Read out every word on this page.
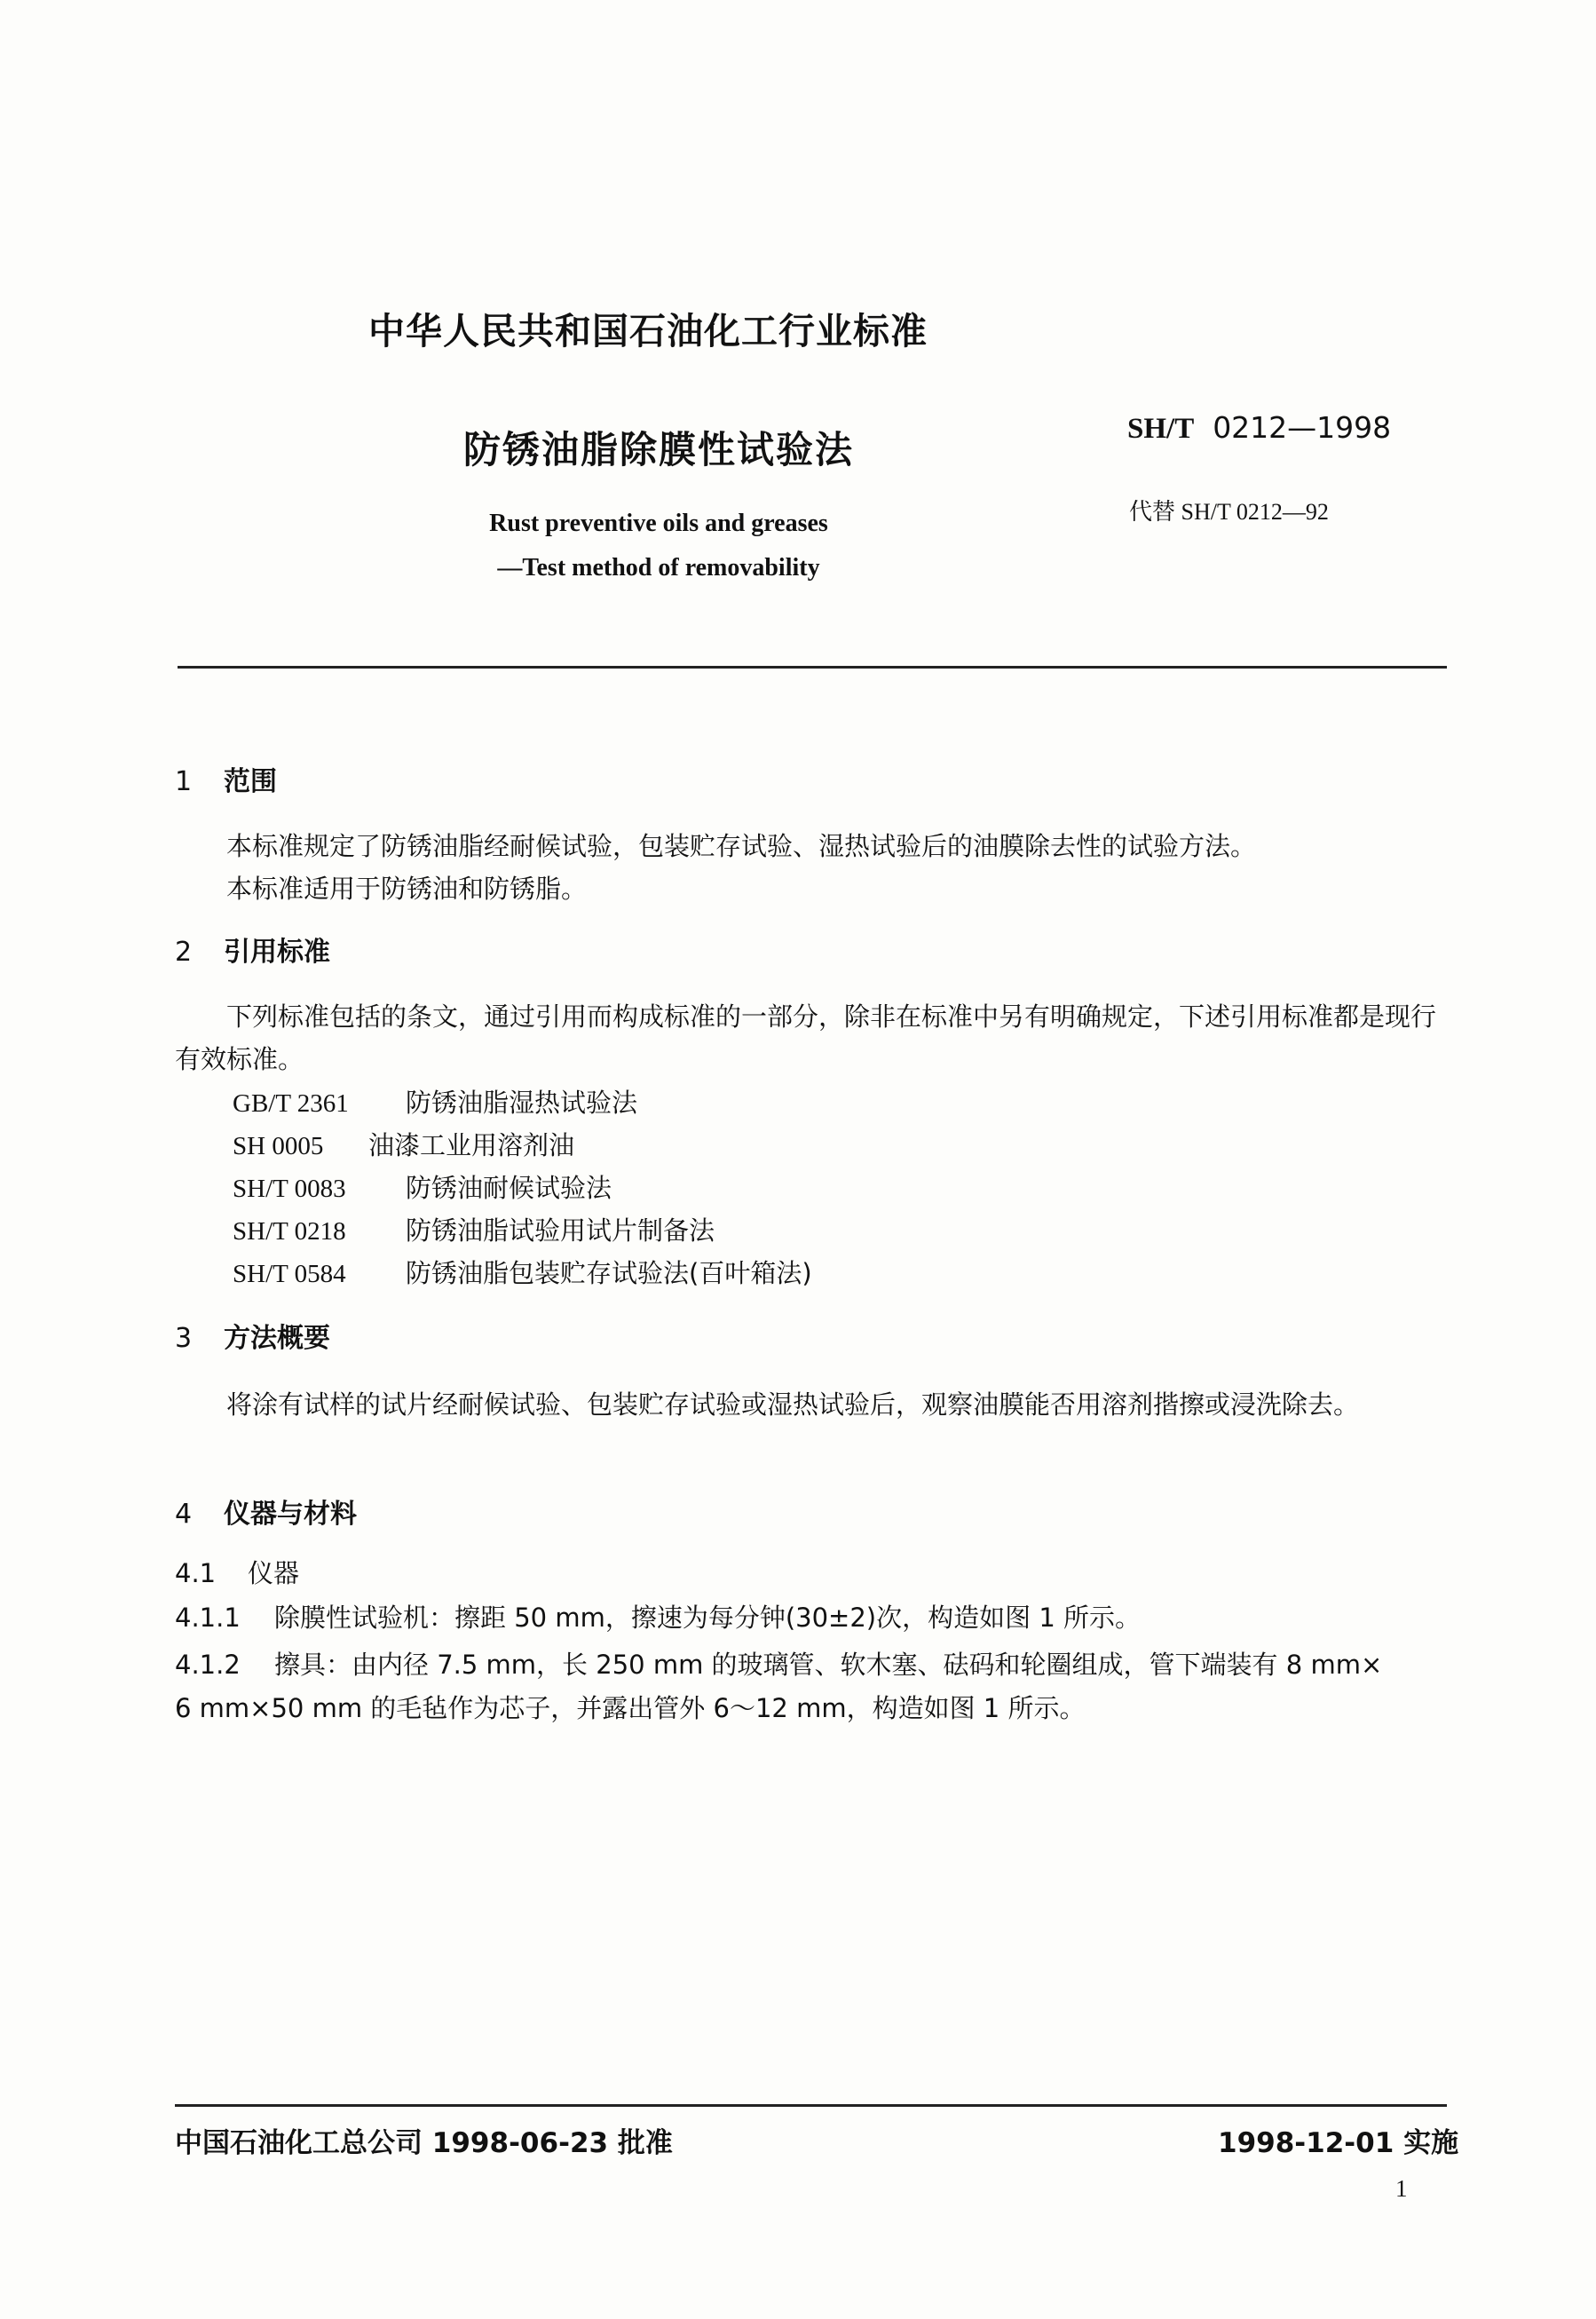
中华人民共和国石油化工行业标准
防锈油脂除膜性试验法
Rust preventive oils and greases
—Test method of removability
SH/T 0212—1998
代替 SH/T 0212—92
1 范围
本标准规定了防锈油脂经耐候试验，包装贮存试验、湿热试验后的油膜除去性的试验方法。
本标准适用于防锈油和防锈脂。
2 引用标准
下列标准包括的条文，通过引用而构成标准的一部分，除非在标准中另有明确规定，下述引用标准都是现行有效标准。
GB/T 2361 防锈油脂湿热试验法
SH 0005 油漆工业用溶剂油
SH/T 0083 防锈油耐候试验法
SH/T 0218 防锈油脂试验用试片制备法
SH/T 0584 防锈油脂包装贮存试验法(百叶箱法)
3 方法概要
将涂有试样的试片经耐候试验、包装贮存试验或湿热试验后，观察油膜能否用溶剂揩擦或浸洗除去。
4 仪器与材料
4.1 仪器
4.1.1 除膜性试验机：擦距 50 mm，擦速为每分钟(30±2)次，构造如图 1 所示。
4.1.2 擦具：由内径 7.5 mm，长 250 mm 的玻璃管、软木塞、砝码和轮圈组成，管下端装有 8 mm×
6 mm×50 mm 的毛毡作为芯子，并露出管外 6～12 mm，构造如图 1 所示。
中国石油化工总公司 1998-06-23 批准	1998-12-01 实施
1
